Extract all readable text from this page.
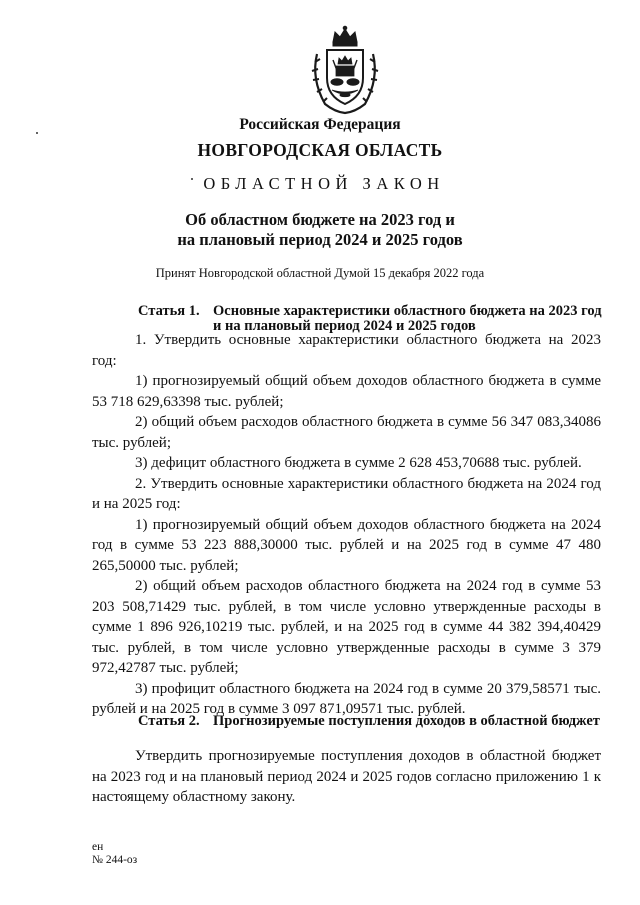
Российская Федерация
НОВГОРОДСКАЯ ОБЛАСТЬ
ОБЛАСТНОЙ ЗАКОН
Об областном бюджете на 2023 год и
на плановый период 2024 и 2025 годов
Принят Новгородской областной Думой 15 декабря 2022 года
Статья 1. Основные характеристики областного бюджета на 2023 год и на плановый период 2024 и 2025 годов

1. Утвердить основные характеристики областного бюджета на 2023 год:

1) прогнозируемый общий объем доходов областного бюджета в сумме 53 718 629,63398 тыс. рублей;

2) общий объем расходов областного бюджета в сумме 56 347 083,34086 тыс. рублей;

3) дефицит областного бюджета в сумме 2 628 453,70688 тыс. рублей.

2. Утвердить основные характеристики областного бюджета на 2024 год и на 2025 год:

1) прогнозируемый общий объем доходов областного бюджета на 2024 год в сумме 53 223 888,30000 тыс. рублей и на 2025 год в сумме 47 480 265,50000 тыс. рублей;

2) общий объем расходов областного бюджета на 2024 год в сумме 53 203 508,71429 тыс. рублей, в том числе условно утвержденные расходы в сумме 1 896 926,10219 тыс. рублей, и на 2025 год в сумме 44 382 394,40429 тыс. рублей, в том числе условно утвержденные расходы в сумме 3 379 972,42787 тыс. рублей;

3) профицит областного бюджета на 2024 год в сумме 20 379,58571 тыс. рублей и на 2025 год в сумме 3 097 871,09571 тыс. рублей.

Статья 2. Прогнозируемые поступления доходов в областной бюджет

Утвердить прогнозируемые поступления доходов в областной бюджет на 2023 год и на плановый период 2024 и 2025 годов согласно приложению 1 к настоящему областному закону.

ен
№ 244-оз
